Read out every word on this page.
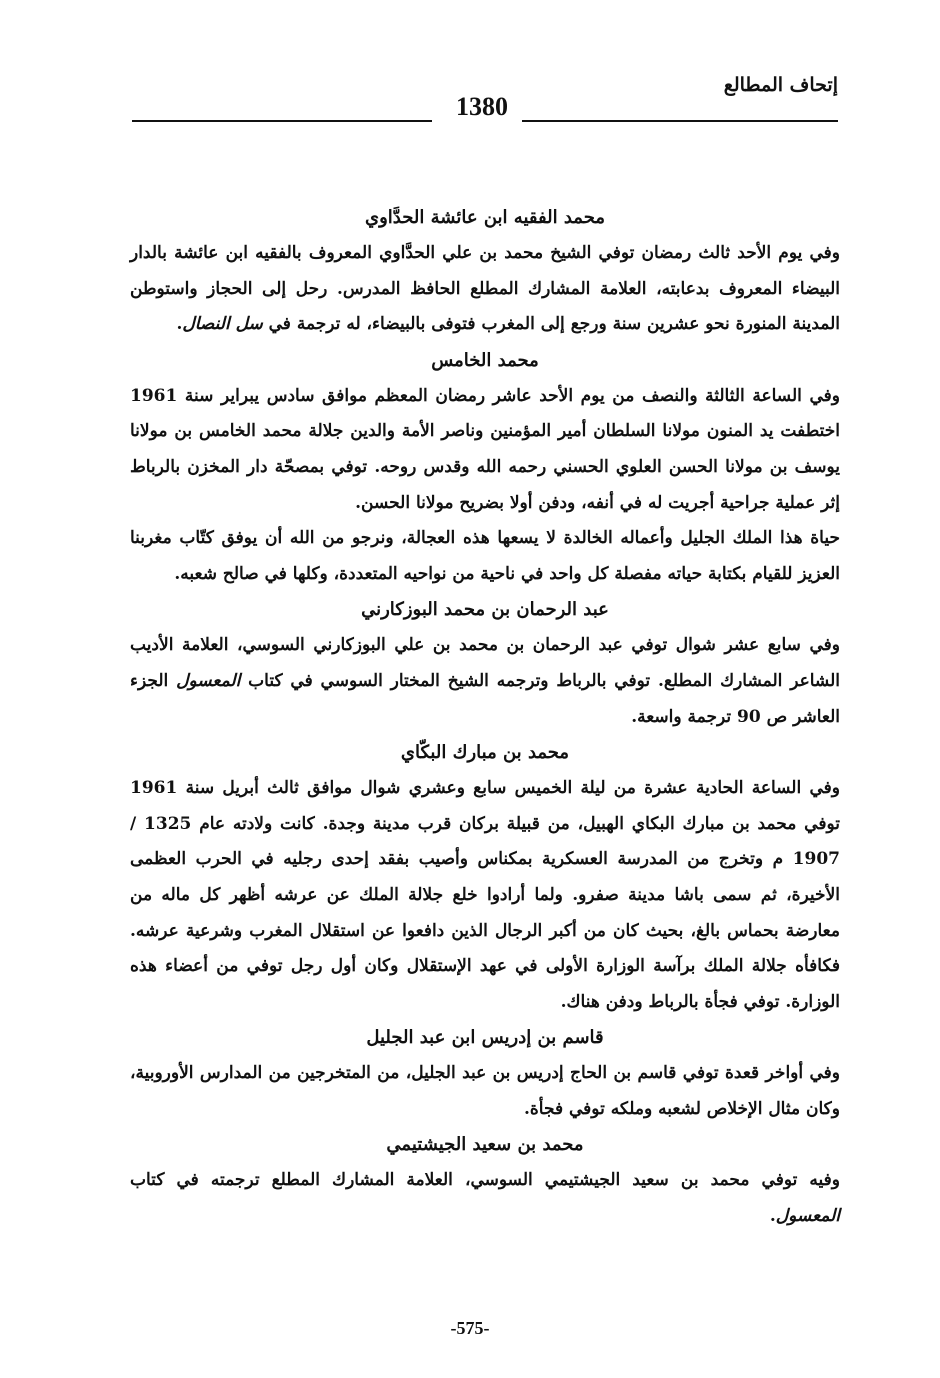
إتحاف المطالع
1380
محمد الفقيه ابن عائشة الحدَّاوي

وفي يوم الأحد ثالث رمضان توفي الشيخ محمد بن علي الحدَّاوي المعروف بالفقيه ابن عائشة بالدار البيضاء المعروف بدعابته، العلامة المشارك المطلع الحافظ المدرس. رحل إلى الحجاز واستوطن المدينة المنورة نحو عشرين سنة ورجع إلى المغرب فتوفى بالبيضاء، له ترجمة في سل النصال.

محمد الخامس

وفي الساعة الثالثة والنصف من يوم الأحد عاشر رمضان المعظم موافق سادس يبراير سنة 1961 اختطفت يد المنون مولانا السلطان أمير المؤمنين وناصر الأمة والدين جلالة محمد الخامس بن مولانا يوسف بن مولانا الحسن العلوي الحسني رحمه الله وقدس روحه. توفي بمصحّة دار المخزن بالرباط إثر عملية جراحية أجريت له في أنفه، ودفن أولا بضريح مولانا الحسن.

حياة هذا الملك الجليل وأعماله الخالدة لا يسعها هذه العجالة، ونرجو من الله أن يوفق كتّاب مغربنا العزيز للقيام بكتابة حياته مفصلة كل واحد في ناحية من نواحيه المتعددة، وكلها في صالح شعبه.

عبد الرحمان بن محمد البوزكارني

وفي سابع عشر شوال توفي عبد الرحمان بن محمد بن علي البوزكارني السوسي، العلامة الأديب الشاعر المشارك المطلع. توفي بالرباط وترجمه الشيخ المختار السوسي في كتاب المعسول الجزء العاشر ص 90 ترجمة واسعة.

محمد بن مبارك البكّاي

وفي الساعة الحادية عشرة من ليلة الخميس سابع وعشري شوال موافق ثالث أبريل سنة 1961 توفي محمد بن مبارك البكاي الهبيل، من قبيلة بركان قرب مدينة وجدة. كانت ولادته عام 1325 / 1907 م وتخرج من المدرسة العسكرية بمكناس وأصيب بفقد إحدى رجليه في الحرب العظمى الأخيرة، ثم سمى باشا مدينة صفرو. ولما أرادوا خلع جلالة الملك عن عرشه أظهر كل ماله من معارضة بحماس بالغ، بحيث كان من أكبر الرجال الذين دافعوا عن استقلال المغرب وشرعية عرشه. فكافأه جلالة الملك برآسة الوزارة الأولى في عهد الإستقلال وكان أول رجل توفي من أعضاء هذه الوزارة. توفي فجأة بالرباط ودفن هناك.

قاسم بن إدريس ابن عبد الجليل

وفي أواخر قعدة توفي قاسم بن الحاج إدريس بن عبد الجليل، من المتخرجين من المدارس الأوروبية، وكان مثال الإخلاص لشعبه وملكه توفي فجأة.

محمد بن سعيد الجيشتيمي

وفيه توفي محمد بن سعيد الجيشتيمي السوسي، العلامة المشارك المطلع ترجمته في كتاب المعسول.

-575-
